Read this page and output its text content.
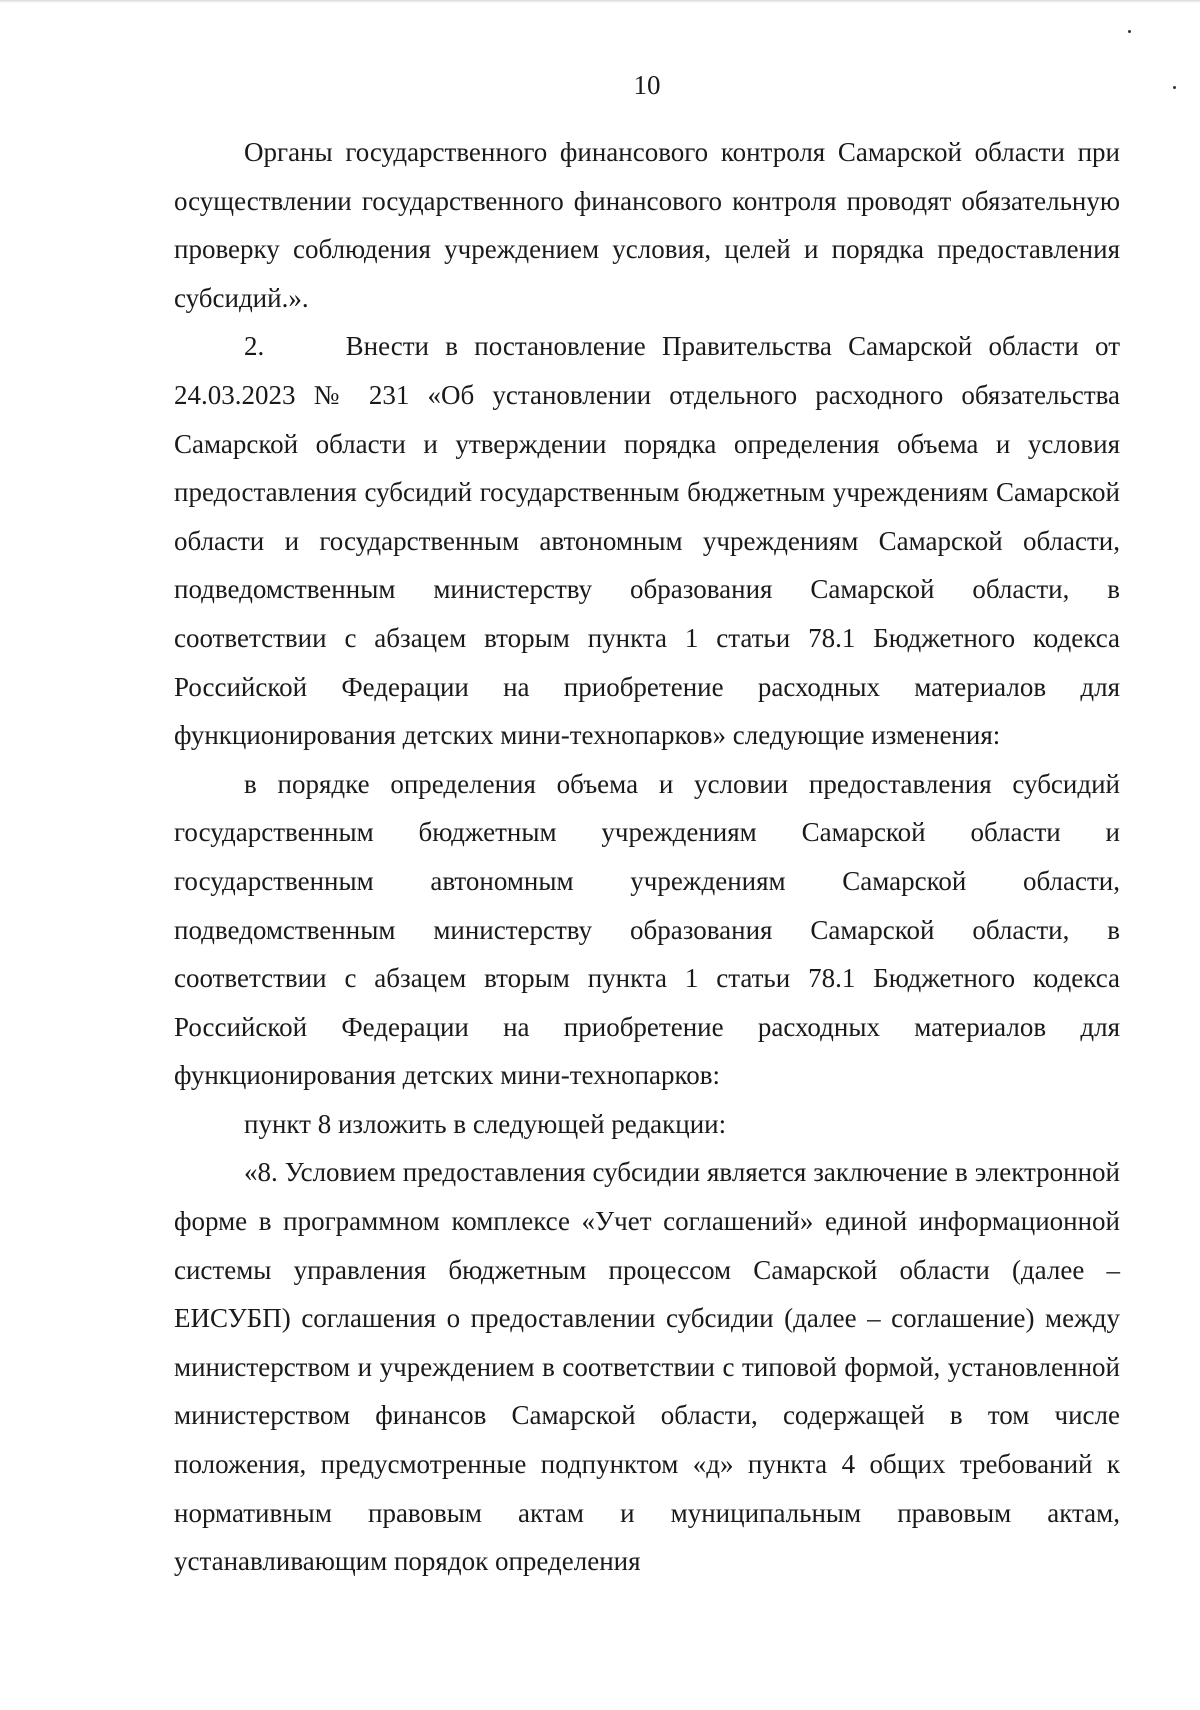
10

Органы государственного финансового контроля Самарской области при осуществлении государственного финансового контроля проводят обязательную проверку соблюдения учреждением условия, целей и порядка предоставления субсидий.».

2.     Внести в постановление Правительства Самарской области от 24.03.2023 № 231 «Об установлении отдельного расходного обязательства Самарской области и утверждении порядка определения объема и условия предоставления субсидий государственным бюджетным учреждениям Самарской области и государственным автономным учреждениям Самарской области, подведомственным министерству образования Самарской области, в соответствии с абзацем вторым пункта 1 статьи 78.1 Бюджетного кодекса Российской Федерации на приобретение расходных материалов для функционирования детских мини-технопарков» следующие изменения:

в порядке определения объема и условии предоставления субсидий государственным бюджетным учреждениям Самарской области и государственным автономным учреждениям Самарской области, подведомственным министерству образования Самарской области, в соответствии с абзацем вторым пункта 1 статьи 78.1 Бюджетного кодекса Российской Федерации на приобретение расходных материалов для функционирования детских мини-технопарков:

пункт 8 изложить в следующей редакции:

«8. Условием предоставления субсидии является заключение в электронной форме в программном комплексе «Учет соглашений» единой информационной системы управления бюджетным процессом Самарской области (далее – ЕИСУБП) соглашения о предоставлении субсидии (далее – соглашение) между министерством и учреждением в соответствии с типовой формой, установленной министерством финансов Самарской области, содержащей в том числе положения, предусмотренные подпунктом «д» пункта 4 общих требований к нормативным правовым актам и муниципальным правовым актам, устанавливающим порядок определения
